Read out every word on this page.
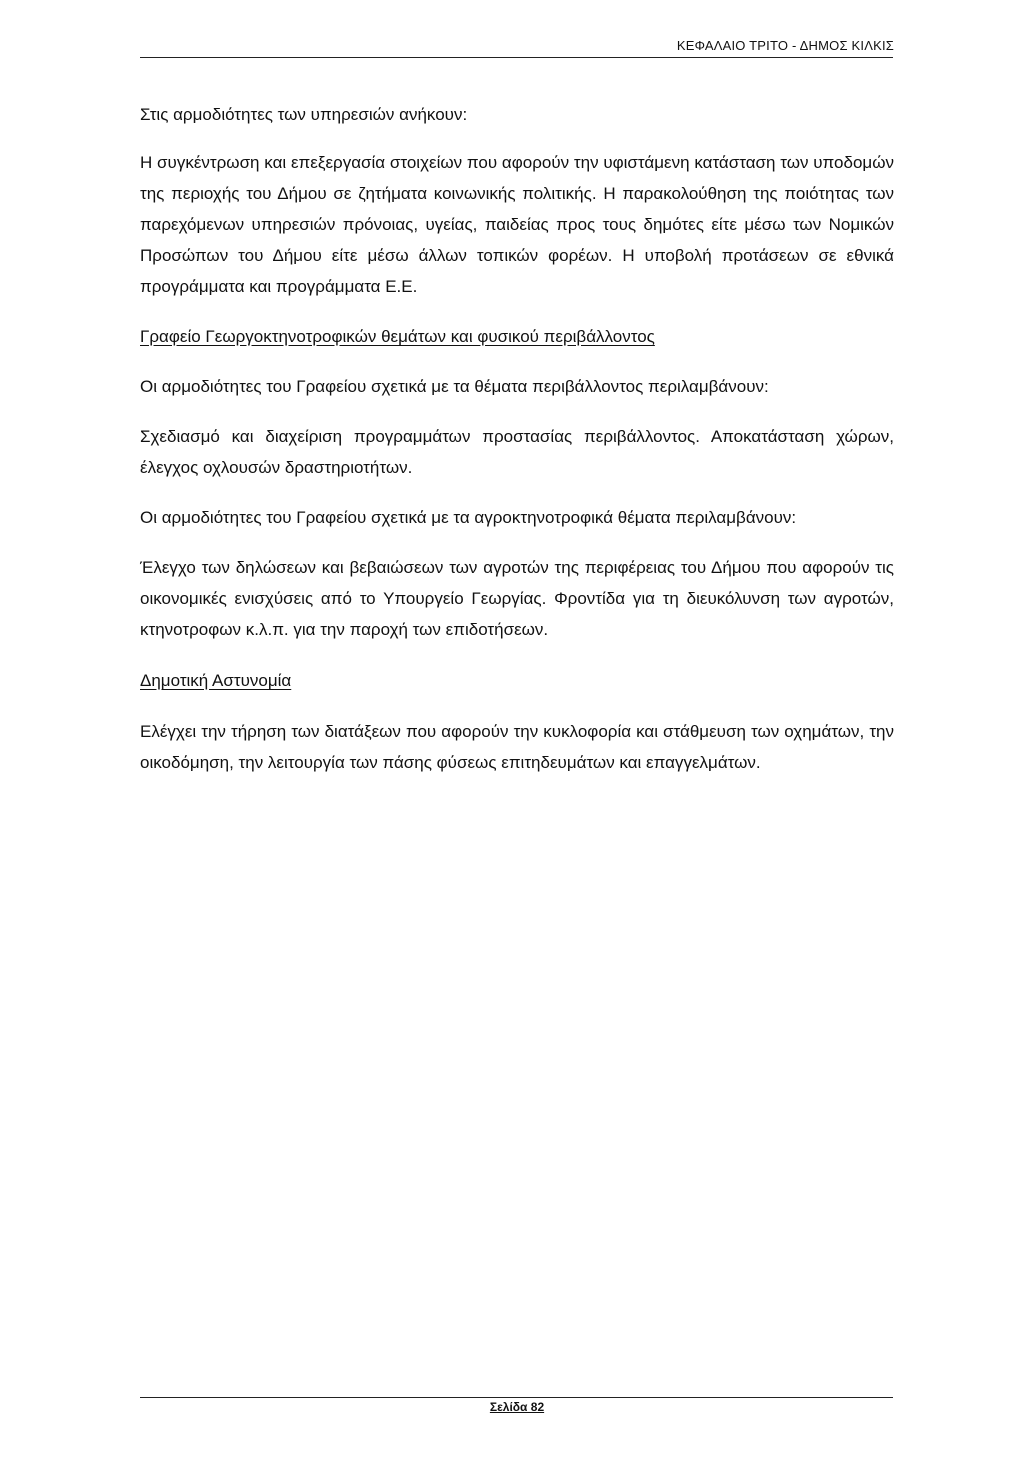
ΚΕΦΑΛΑΙΟ ΤΡΙΤΟ - ΔΗΜΟΣ ΚΙΛΚΙΣ

Στις αρμοδιότητες των υπηρεσιών ανήκουν:

Η συγκέντρωση και επεξεργασία στοιχείων που αφορούν την υφιστάμενη κατάσταση των υποδομών της περιοχής του Δήμου σε ζητήματα κοινωνικής πολιτικής. Η παρακολούθηση της ποιότητας των παρεχόμενων υπηρεσιών πρόνοιας, υγείας, παιδείας προς τους δημότες είτε μέσω των Νομικών Προσώπων του Δήμου είτε μέσω άλλων τοπικών φορέων. Η υποβολή προτάσεων σε εθνικά προγράμματα και προγράμματα Ε.Ε.

Γραφείο Γεωργοκτηνοτροφικών θεμάτων και φυσικού περιβάλλοντος

Οι αρμοδιότητες του Γραφείου σχετικά με τα θέματα περιβάλλοντος περιλαμβάνουν:

Σχεδιασμό και διαχείριση προγραμμάτων προστασίας περιβάλλοντος. Αποκατάσταση χώρων, έλεγχος οχλουσών δραστηριοτήτων.

Οι αρμοδιότητες του Γραφείου σχετικά με τα αγροκτηνοτροφικά θέματα περιλαμβάνουν:

Έλεγχο των δηλώσεων και βεβαιώσεων των αγροτών της περιφέρειας του Δήμου που αφορούν τις οικονομικές ενισχύσεις από το Υπουργείο Γεωργίας. Φροντίδα για τη διευκόλυνση των αγροτών, κτηνοτροφων κ.λ.π. για την παροχή των επιδοτήσεων.

Δημοτική Αστυνομία

Ελέγχει την τήρηση των διατάξεων που αφορούν την κυκλοφορία και στάθμευση των οχημάτων, την οικοδόμηση, την λειτουργία των πάσης φύσεως επιτηδευμάτων και επαγγελμάτων.

Σελίδα 82
